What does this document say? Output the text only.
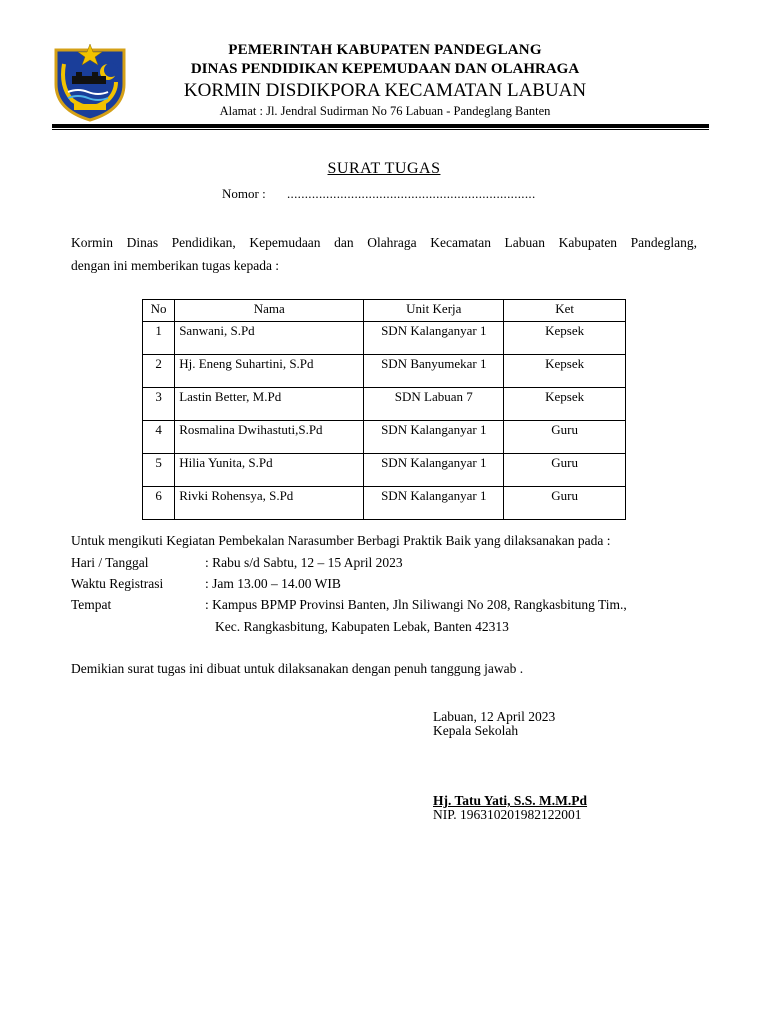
PEMERINTAH KABUPATEN PANDEGLANG
DINAS PENDIDIKAN KEPEMUDAAN DAN OLAHRAGA
KORMIN DISDIKPORA KECAMATAN LABUAN
Alamat : Jl. Jendral Sudirman No 76 Labuan - Pandeglang Banten
SURAT TUGAS
Nomor : ......................................................................
Kormin Dinas Pendidikan, Kepemudaan dan Olahraga Kecamatan Labuan Kabupaten Pandeglang,
dengan ini memberikan tugas kepada :
No	Nama	Unit Kerja	Ket
1	Sanwani, S.Pd	SDN Kalanganyar 1	Kepsek
2	Hj. Eneng Suhartini, S.Pd	SDN Banyumekar 1	Kepsek
3	Lastin Better, M.Pd	SDN Labuan 7	Kepsek
4	Rosmalina Dwihastuti,S.Pd	SDN Kalanganyar 1	Guru
5	Hilia Yunita, S.Pd	SDN Kalanganyar 1	Guru
6	Rivki Rohensya, S.Pd	SDN Kalanganyar 1	Guru
Untuk mengikuti Kegiatan Pembekalan Narasumber Berbagi Praktik Baik yang dilaksanakan pada :
Hari / Tanggal	: Rabu s/d Sabtu, 12 – 15 April 2023
Waktu Registrasi	: Jam 13.00 – 14.00 WIB
Tempat	: Kampus BPMP Provinsi Banten, Jln Siliwangi No 208, Rangkasbitung Tim.,
Kec. Rangkasbitung, Kabupaten Lebak, Banten 42313
Demikian surat tugas ini dibuat untuk dilaksanakan dengan penuh tanggung jawab .
Labuan, 12 April 2023
Kepala Sekolah
Hj. Tatu Yati, S.S. M.M.Pd
NIP. 196310201982122001
